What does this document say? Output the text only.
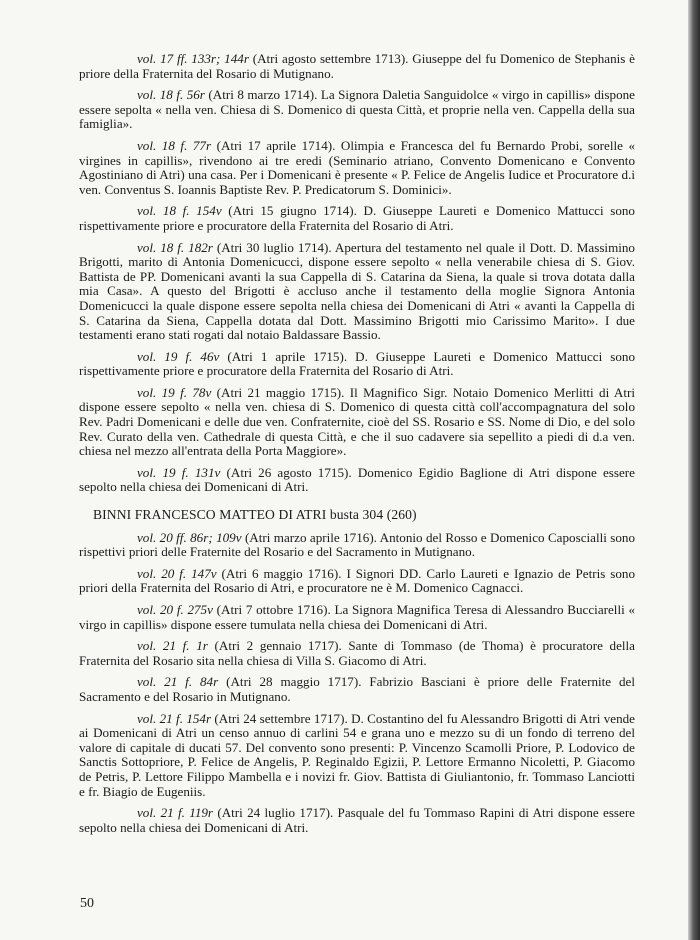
vol. 17 ff. 133r; 144r (Atri agosto settembre 1713). Giuseppe del fu Domenico de Stephanis è priore della Fraternita del Rosario di Mutignano.

vol. 18 f. 56r (Atri 8 marzo 1714). La Signora Daletia Sanguidolce « virgo in capillis» dispone essere sepolta « nella ven. Chiesa di S. Domenico di questa Città, et proprie nella ven. Cappella della sua famiglia».

vol. 18 f. 77r (Atri 17 aprile 1714). Olimpia e Francesca del fu Bernardo Probi, sorelle « virgines in capillis», rivendono ai tre eredi (Seminario atriano, Convento Domenicano e Convento Agostiniano di Atri) una casa. Per i Domenicani è presente « P. Felice de Angelis Iudice et Procuratore d.i ven. Conventus S. Ioannis Baptiste Rev. P. Predicatorum S. Dominici».

vol. 18 f. 154v (Atri 15 giugno 1714). D. Giuseppe Laureti e Domenico Mattucci sono rispettivamente priore e procuratore della Fraternita del Rosario di Atri.

vol. 18 f. 182r (Atri 30 luglio 1714). Apertura del testamento nel quale il Dott. D. Massimino Brigotti, marito di Antonia Domenicucci, dispone essere sepolto « nella venerabile chiesa di S. Giov. Battista de PP. Domenicani avanti la sua Cappella di S. Catarina da Siena, la quale si trova dotata dalla mia Casa». A questo del Brigotti è accluso anche il testamento della moglie Signora Antonia Domenicucci la quale dispone essere sepolta nella chiesa dei Domenicani di Atri « avanti la Cappella di S. Catarina da Siena, Cappella dotata dal Dott. Massimino Brigotti mio Carissimo Marito». I due testamenti erano stati rogati dal notaio Baldassare Bassio.

vol. 19 f. 46v (Atri 1 aprile 1715). D. Giuseppe Laureti e Domenico Mattucci sono rispettivamente priore e procuratore della Fraternita del Rosario di Atri.

vol. 19 f. 78v (Atri 21 maggio 1715). Il Magnifico Sigr. Notaio Domenico Merlitti di Atri dispone essere sepolto « nella ven. chiesa di S. Domenico di questa città coll'accompagnatura del solo Rev. Padri Domenicani e delle due ven. Confraternite, cioè del SS. Rosario e SS. Nome di Dio, e del solo Rev. Curato della ven. Cathedrale di questa Città, e che il suo cadavere sia sepellito a piedi di d.a ven. chiesa nel mezzo all'entrata della Porta Maggiore».

vol. 19 f. 131v (Atri 26 agosto 1715). Domenico Egidio Baglione di Atri dispone essere sepolto nella chiesa dei Domenicani di Atri.

BINNI FRANCESCO MATTEO DI ATRI busta 304 (260)

vol. 20 ff. 86r; 109v (Atri marzo aprile 1716). Antonio del Rosso e Domenico Caposcialli sono rispettivi priori delle Fraternite del Rosario e del Sacramento in Mutignano.

vol. 20 f. 147v (Atri 6 maggio 1716). I Signori DD. Carlo Laureti e Ignazio de Petris sono priori della Fraternita del Rosario di Atri, e procuratore ne è M. Domenico Cagnacci.

vol. 20 f. 275v (Atri 7 ottobre 1716). La Signora Magnifica Teresa di Alessandro Bucciarelli « virgo in capillis» dispone essere tumulata nella chiesa dei Domenicani di Atri.

vol. 21 f. 1r (Atri 2 gennaio 1717). Sante di Tommaso (de Thoma) è procuratore della Fraternita del Rosario sita nella chiesa di Villa S. Giacomo di Atri.

vol. 21 f. 84r (Atri 28 maggio 1717). Fabrizio Basciani è priore delle Fraternite del Sacramento e del Rosario in Mutignano.

vol. 21 f. 154r (Atri 24 settembre 1717). D. Costantino del fu Alessandro Brigotti di Atri vende ai Domenicani di Atri un censo annuo di carlini 54 e grana uno e mezzo su di un fondo di terreno del valore di capitale di ducati 57. Del convento sono presenti: P. Vincenzo Scamolli Priore, P. Lodovico de Sanctis Sottopriore, P. Felice de Angelis, P. Reginaldo Egizii, P. Lettore Ermanno Nicoletti, P. Giacomo de Petris, P. Lettore Filippo Mambella e i novizi fr. Giov. Battista di Giuliantonio, fr. Tommaso Lanciotti e fr. Biagio de Eugeniis.

vol. 21 f. 119r (Atri 24 luglio 1717). Pasquale del fu Tommaso Rapini di Atri dispone essere sepolto nella chiesa dei Domenicani di Atri.

50
